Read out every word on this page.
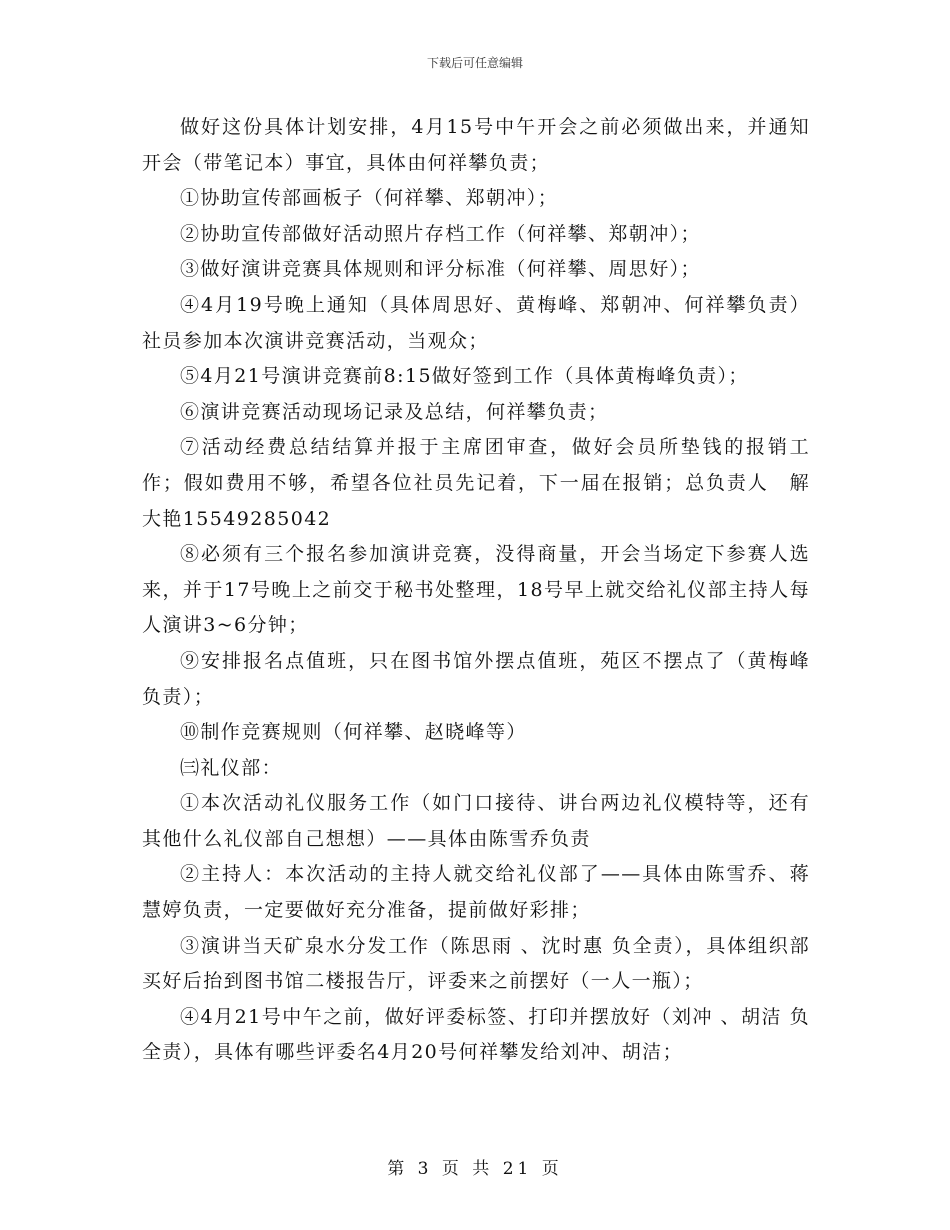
下载后可任意编辑

做好这份具体计划安排，4月15号中午开会之前必须做出来，并通知开会（带笔记本）事宜，具体由何祥攀负责；

①协助宣传部画板子（何祥攀、郑朝冲）；

②协助宣传部做好活动照片存档工作（何祥攀、郑朝冲）；

③做好演讲竞赛具体规则和评分标准（何祥攀、周思好）；

④4月19号晚上通知（具体周思好、黄梅峰、郑朝冲、何祥攀负责）社员参加本次演讲竞赛活动，当观众；

⑤4月21号演讲竞赛前8:15做好签到工作（具体黄梅峰负责）；

⑥演讲竞赛活动现场记录及总结，何祥攀负责；

⑦活动经费总结结算并报于主席团审查，做好会员所垫钱的报销工作；假如费用不够，希望各位社员先记着，下一届在报销；总负责人　解大艳15549285042

⑧必须有三个报名参加演讲竞赛，没得商量，开会当场定下参赛人选来，并于17号晚上之前交于秘书处整理，18号早上就交给礼仪部主持人每人演讲3~6分钟；

⑨安排报名点值班，只在图书馆外摆点值班，苑区不摆点了（黄梅峰负责）；

⑩制作竞赛规则（何祥攀、赵晓峰等）

㈢礼仪部：

①本次活动礼仪服务工作（如门口接待、讲台两边礼仪模特等，还有其他什么礼仪部自己想想）——具体由陈雪乔负责

②主持人：本次活动的主持人就交给礼仪部了——具体由陈雪乔、蒋慧婷负责，一定要做好充分准备，提前做好彩排；

③演讲当天矿泉水分发工作（陈思雨 、沈时惠 负全责），具体组织部买好后抬到图书馆二楼报告厅，评委来之前摆好（一人一瓶）；

④4月21号中午之前，做好评委标签、打印并摆放好（刘冲 、胡洁 负全责），具体有哪些评委名4月20号何祥攀发给刘冲、胡洁；

第 3 页 共 21 页
